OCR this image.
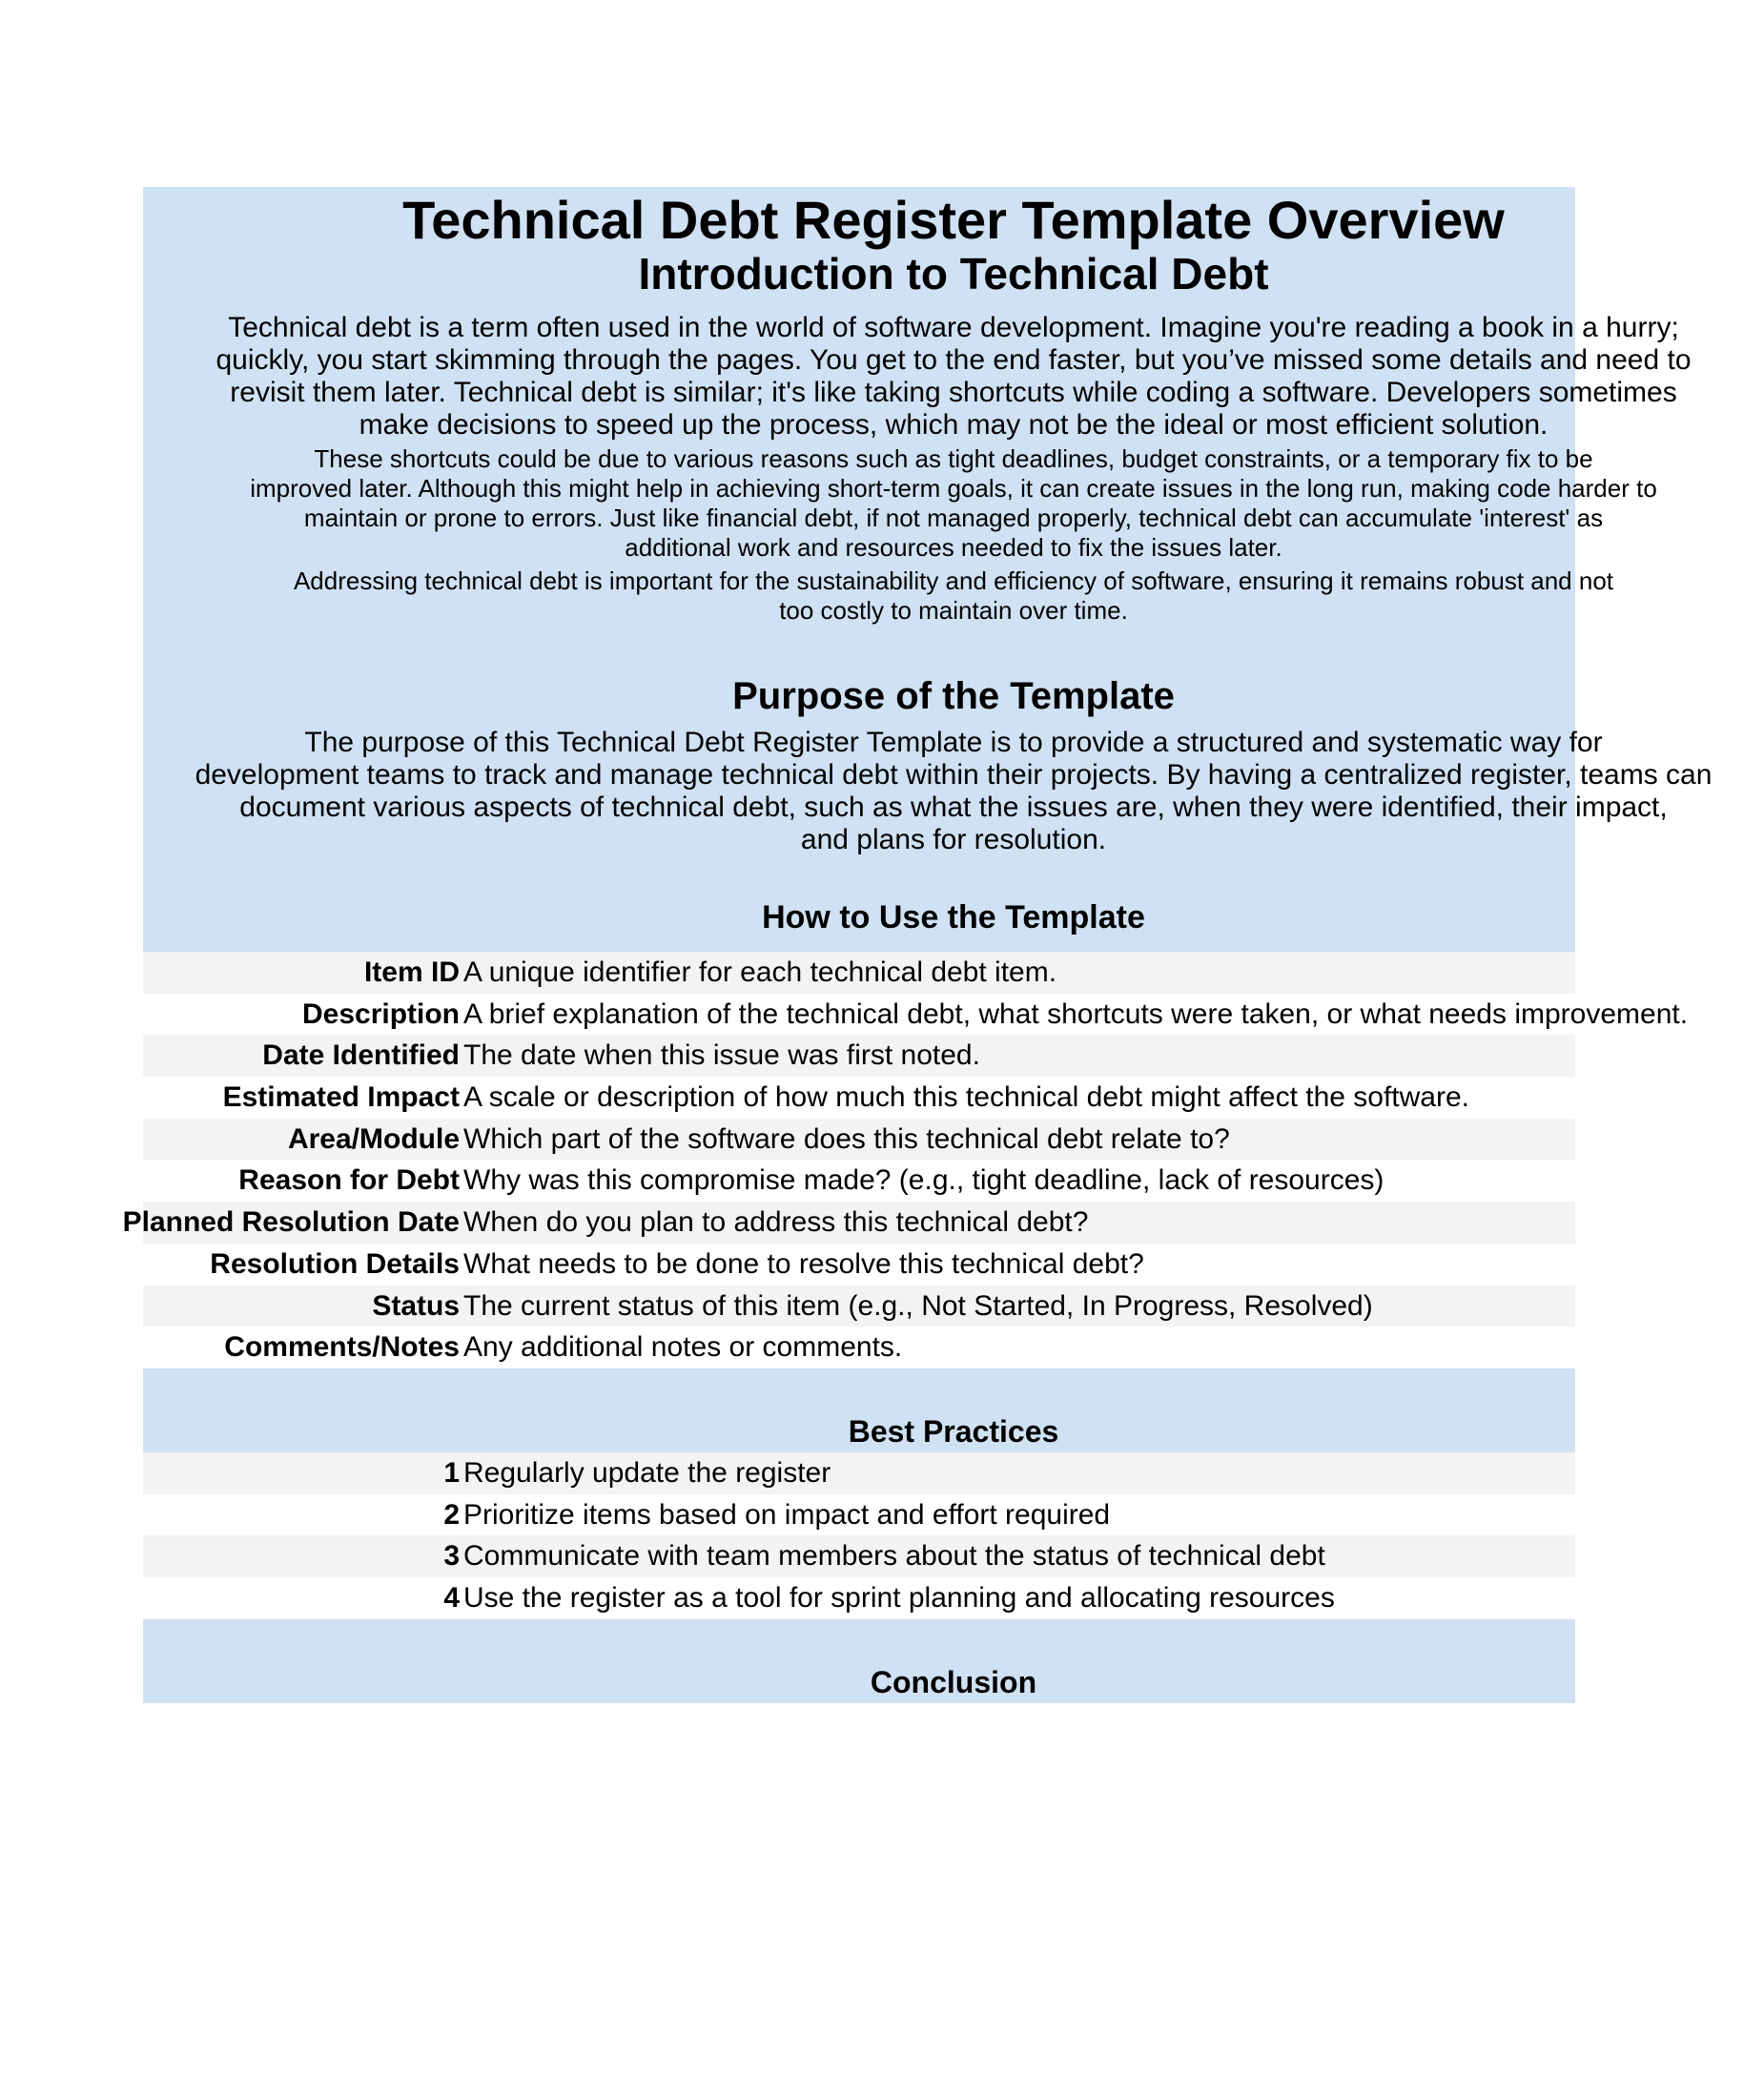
Technical Debt Register Template Overview
Introduction to Technical Debt
Technical debt is a term often used in the world of software development. Imagine you're reading a book in a hurry;
quickly, you start skimming through the pages. You get to the end faster, but you’ve missed some details and need to
revisit them later. Technical debt is similar; it's like taking shortcuts while coding a software. Developers sometimes
make decisions to speed up the process, which may not be the ideal or most efficient solution.
These shortcuts could be due to various reasons such as tight deadlines, budget constraints, or a temporary fix to be
improved later. Although this might help in achieving short-term goals, it can create issues in the long run, making code harder to
maintain or prone to errors. Just like financial debt, if not managed properly, technical debt can accumulate 'interest' as
additional work and resources needed to fix the issues later.
Addressing technical debt is important for the sustainability and efficiency of software, ensuring it remains robust and not
too costly to maintain over time.
Purpose of the Template
The purpose of this Technical Debt Register Template is to provide a structured and systematic way for
development teams to track and manage technical debt within their projects. By having a centralized register, teams can
document various aspects of technical debt, such as what the issues are, when they were identified, their impact,
and plans for resolution.
How to Use the Template
Item ID A unique identifier for each technical debt item.
Description A brief explanation of the technical debt, what shortcuts were taken, or what needs improvement.
Date Identified The date when this issue was first noted.
Estimated Impact A scale or description of how much this technical debt might affect the software.
Area/Module Which part of the software does this technical debt relate to?
Reason for Debt Why was this compromise made? (e.g., tight deadline, lack of resources)
Planned Resolution Date When do you plan to address this technical debt?
Resolution Details What needs to be done to resolve this technical debt?
Status The current status of this item (e.g., Not Started, In Progress, Resolved)
Comments/Notes Any additional notes or comments.
Best Practices
1 Regularly update the register
2 Prioritize items based on impact and effort required
3 Communicate with team members about the status of technical debt
4 Use the register as a tool for sprint planning and allocating resources
Conclusion
